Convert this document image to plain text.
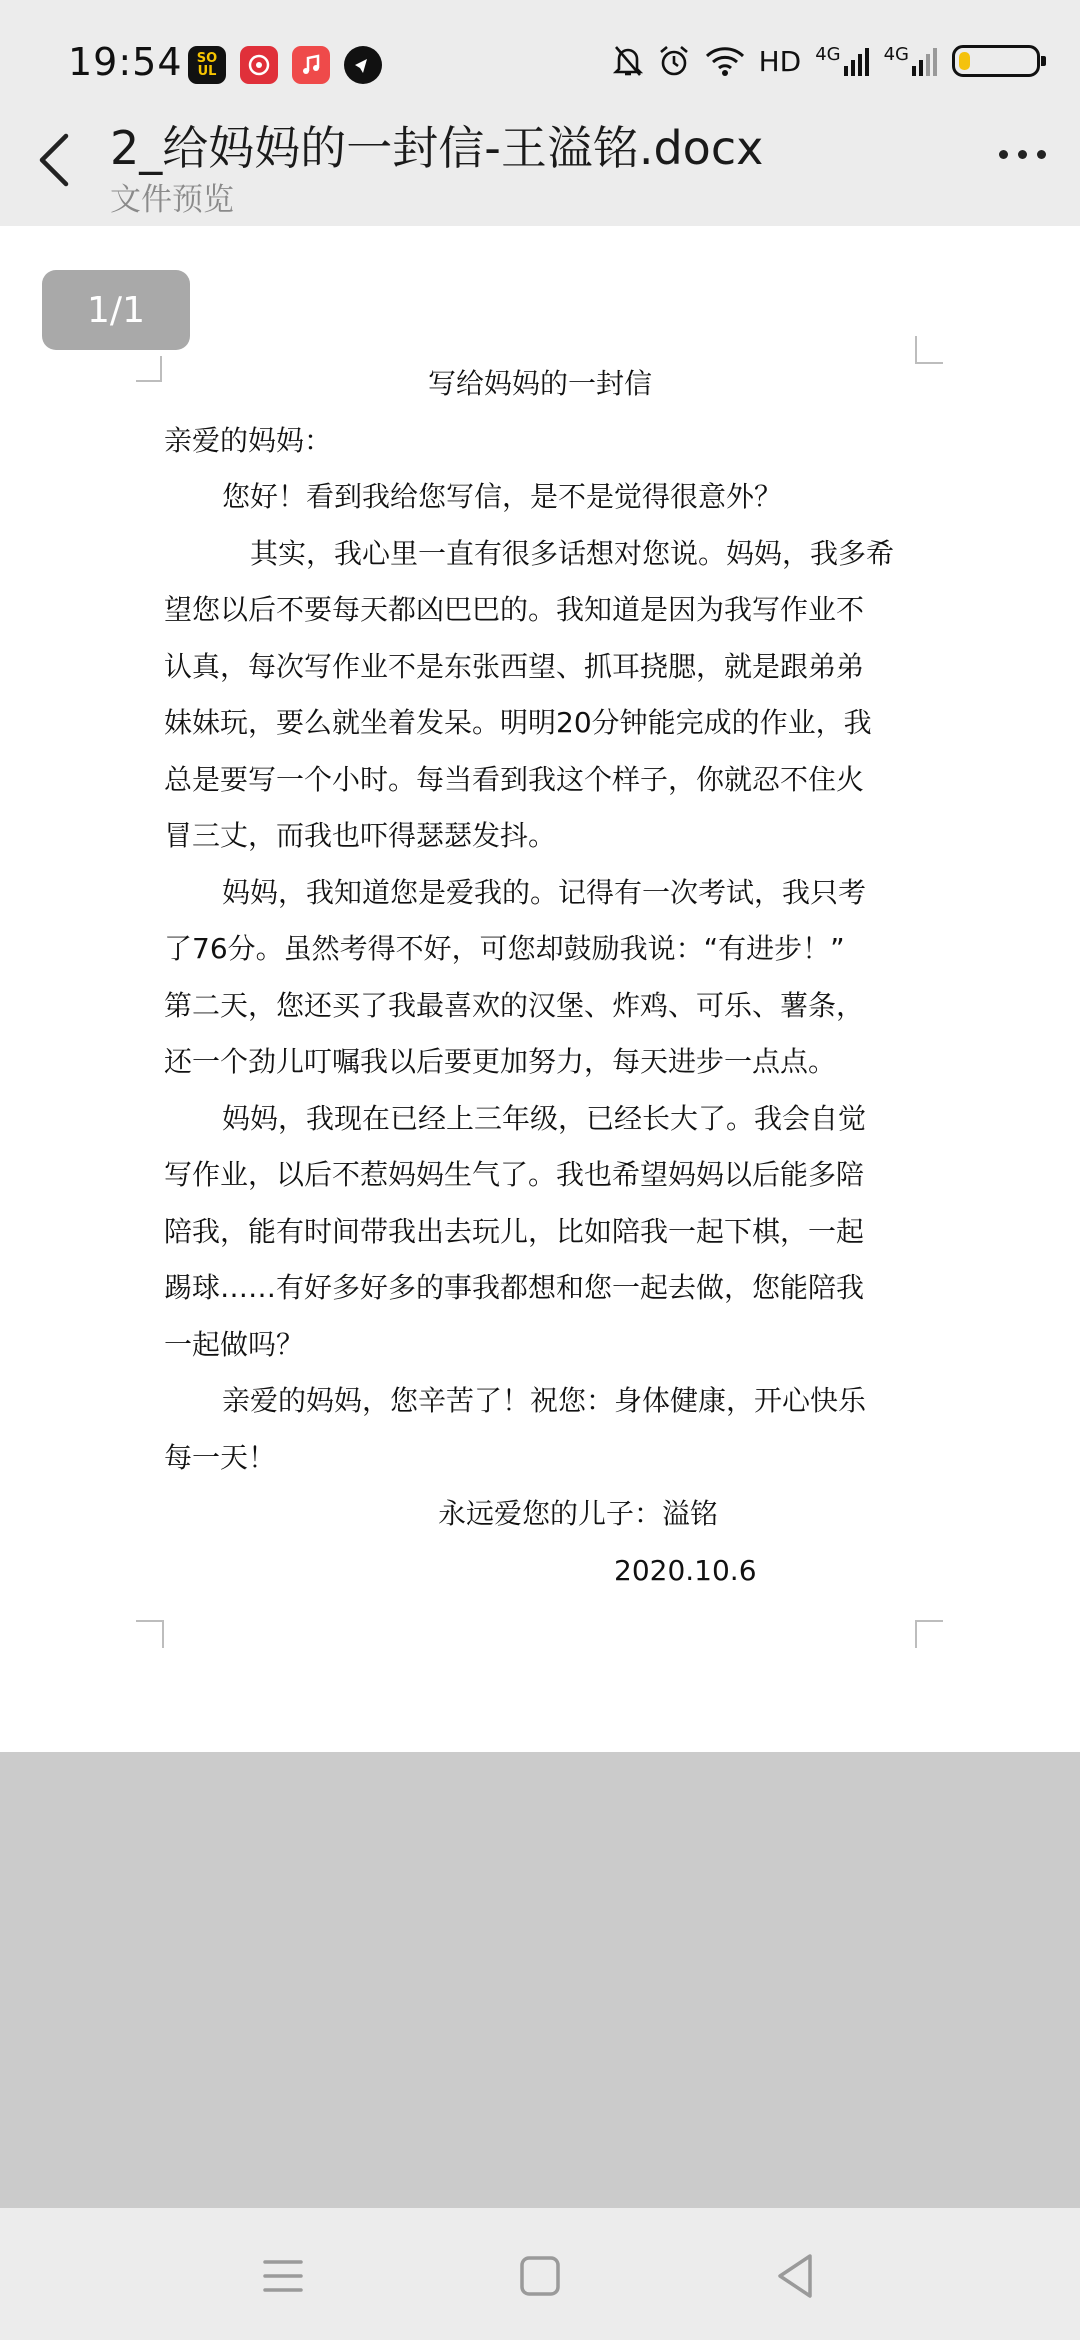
19:54	SO
UL	HD 4G 4G
2_给妈妈的一封信-王溢铭.docx
文件预览
1/1
写给妈妈的一封信
亲爱的妈妈：
您好！看到我给您写信，是不是觉得很意外？
其实，我心里一直有很多话想对您说。妈妈，我多希
望您以后不要每天都凶巴巴的。我知道是因为我写作业不
认真，每次写作业不是东张西望、抓耳挠腮，就是跟弟弟
妹妹玩，要么就坐着发呆。明明20分钟能完成的作业，我
总是要写一个小时。每当看到我这个样子，你就忍不住火
冒三丈，而我也吓得瑟瑟发抖。
妈妈，我知道您是爱我的。记得有一次考试，我只考
了76分。虽然考得不好，可您却鼓励我说：“有进步！”
第二天，您还买了我最喜欢的汉堡、炸鸡、可乐、薯条，
还一个劲儿叮嘱我以后要更加努力，每天进步一点点。
妈妈，我现在已经上三年级，已经长大了。我会自觉
写作业，以后不惹妈妈生气了。我也希望妈妈以后能多陪
陪我，能有时间带我出去玩儿，比如陪我一起下棋，一起
踢球……有好多好多的事我都想和您一起去做，您能陪我
一起做吗？
亲爱的妈妈，您辛苦了！祝您：身体健康，开心快乐
每一天！
永远爱您的儿子：溢铭
2020.10.6
